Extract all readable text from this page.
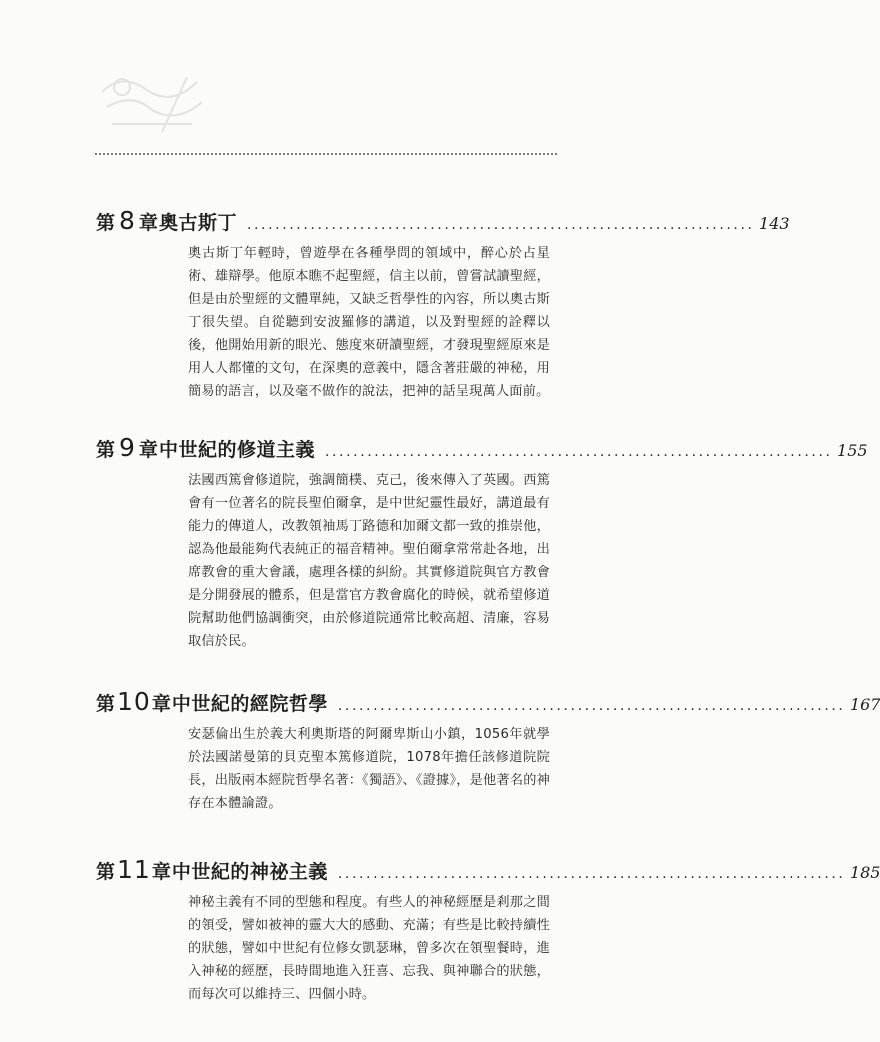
第 8 章 奧古斯丁 ........................................................................ 143
奧古斯丁年輕時，曾遊學在各種學問的領域中，醉心於占星術、雄辯學。他原本瞧不起聖經，信主以前，曾嘗試讀聖經，但是由於聖經的文體單純，又缺乏哲學性的內容，所以奧古斯丁很失望。自從聽到安波羅修的講道，以及對聖經的詮釋以後，他開始用新的眼光、態度來研讀聖經，才發現聖經原來是用人人都懂的文句，在深奧的意義中，隱含著莊嚴的神秘，用簡易的語言，以及毫不做作的說法，把神的話呈現萬人面前。
第 9 章 中世紀的修道主義 ........................................................................ 155
法國西篤會修道院，強調簡樸、克己，後來傳入了英國。西篤會有一位著名的院長聖伯爾拿，是中世紀靈性最好，講道最有能力的傳道人，改教領袖馬丁路德和加爾文都一致的推崇他，認為他最能夠代表純正的福音精神。聖伯爾拿常常赴各地，出席教會的重大會議，處理各樣的糾紛。其實修道院與官方教會是分開發展的體系，但是當官方教會腐化的時候，就希望修道院幫助他們協調衝突，由於修道院通常比較高超、清廉，容易取信於民。
第 10 章 中世紀的經院哲學 ........................................................................ 167
安瑟倫出生於義大利奧斯塔的阿爾卑斯山小鎮，1056年就學於法國諾曼第的貝克聖本篤修道院，1078年擔任該修道院院長，出版兩本經院哲學名著：《獨語》、《證據》，是他著名的神存在本體論證。
第 11 章 中世紀的神祕主義 ........................................................................ 185
神秘主義有不同的型態和程度。有些人的神秘經歷是剎那之間的領受，譬如被神的靈大大的感動、充滿；有些是比較持續性的狀態，譬如中世紀有位修女凱瑟琳，曾多次在領聖餐時，進入神秘的經歷，長時間地進入狂喜、忘我、與神聯合的狀態，而每次可以維持三、四個小時。
